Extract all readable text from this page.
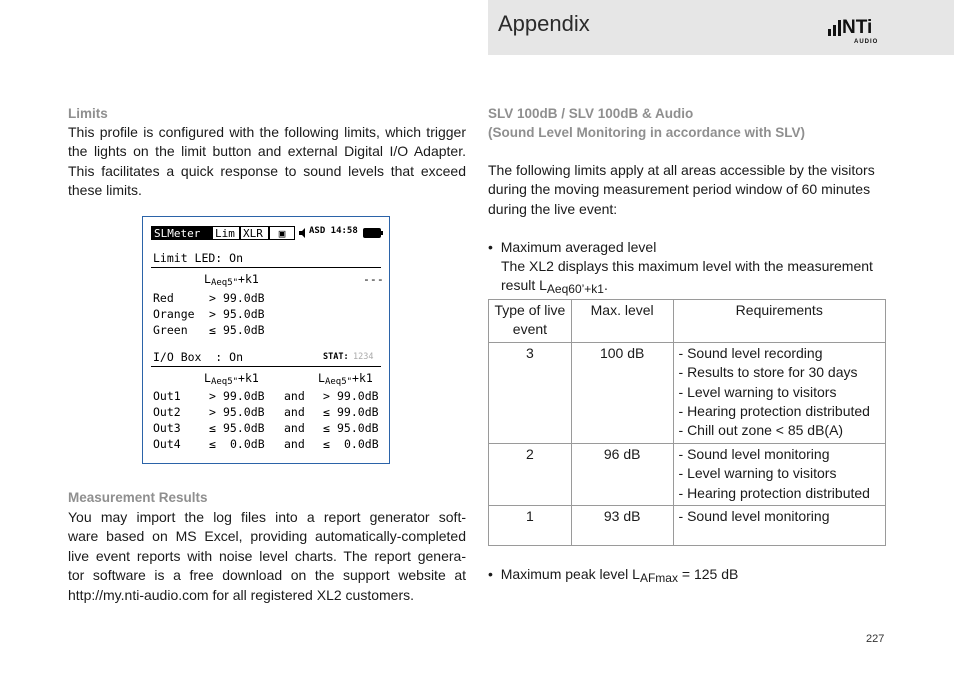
Appendix	NTi
AUDIO
Limits
This profile is configured with the following limits, which trigger
the lights on the limit button and external Digital I/O Adapter.
This facilitates a quick response to sound levels that exceed
these limits.
SLMeter	Lim XLR	▣	ASD 14:58
Limit LED: On
$L_{Aeq5"}+k1$	---
Red	> 99.0dB
Orange > 95.0dB
Green ≤ 95.0dB
I/O Box  : On	STAT: 1234
$L_{Aeq5"}+k1$	$L_{Aeq5"}+k1$
Out1 > 99.0dB and > 99.0dB
Out2 > 95.0dB and ≤ 99.0dB
Out3 ≤ 95.0dB and ≤ 95.0dB
Out4 ≤ 0.0dB and ≤ 0.0dB
Measurement Results
You may import the log files into a report generator soft-
ware based on MS Excel, providing automatically-completed
live event reports with noise level charts. The report genera-
tor software is a free download on the support website at
http://my.nti-audio.com for all registered XL2 customers.
SLV 100dB / SLV 100dB & Audio
(Sound Level Monitoring in accordance with SLV)
The following limits apply at all areas accessible by the visitors
during the moving measurement period window of 60 minutes
during the live event:
•  Maximum averaged level
The XL2 displays this maximum level with the measurement
result LAeq60’+k1.
Type of live event	Max. level	Requirements
3	100 dB	- Sound level recording
- Results to store for 30 days
- Level warning to visitors
- Hearing protection distributed
- Chill out zone < 85 dB(A)

2	96 dB	- Sound level monitoring
- Level warning to visitors
- Hearing protection distributed

1	93 dB	- Sound level monitoring
•  Maximum peak level LAFmax = 125 dB
227
